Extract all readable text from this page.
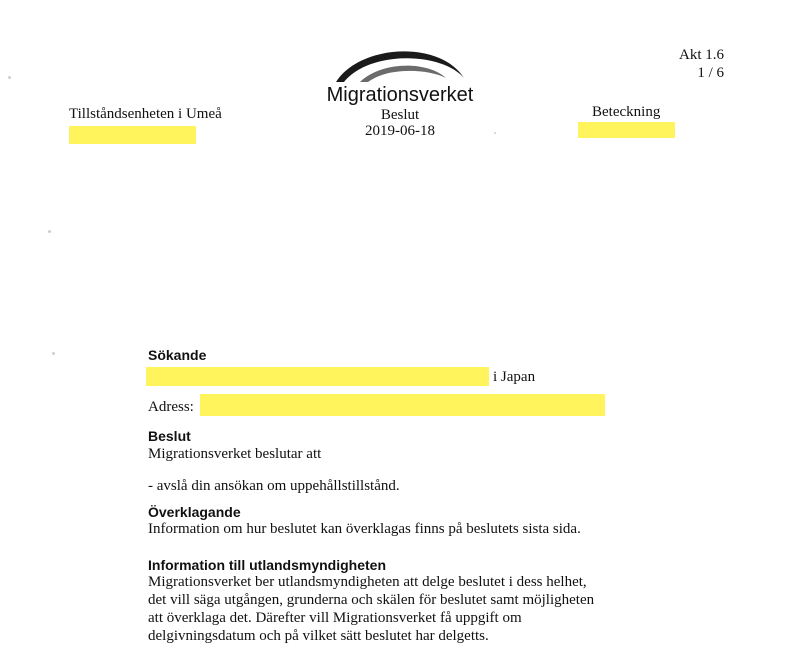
Akt 1.6
1 / 6
Migrationsverket
Beslut
2019-06-18
Tillståndsenheten i Umeå	Beteckning
Sökande
i Japan
Adress:
Beslut
Migrationsverket beslutar att
- avslå din ansökan om uppehållstillstånd.
Överklagande
Information om hur beslutet kan överklagas finns på beslutets sista sida.
Information till utlandsmyndigheten
Migrationsverket ber utlandsmyndigheten att delge beslutet i dess helhet,
det vill säga utgången, grunderna och skälen för beslutet samt möjligheten
att överklaga det. Därefter vill Migrationsverket få uppgift om
delgivningsdatum och på vilket sätt beslutet har delgetts.
